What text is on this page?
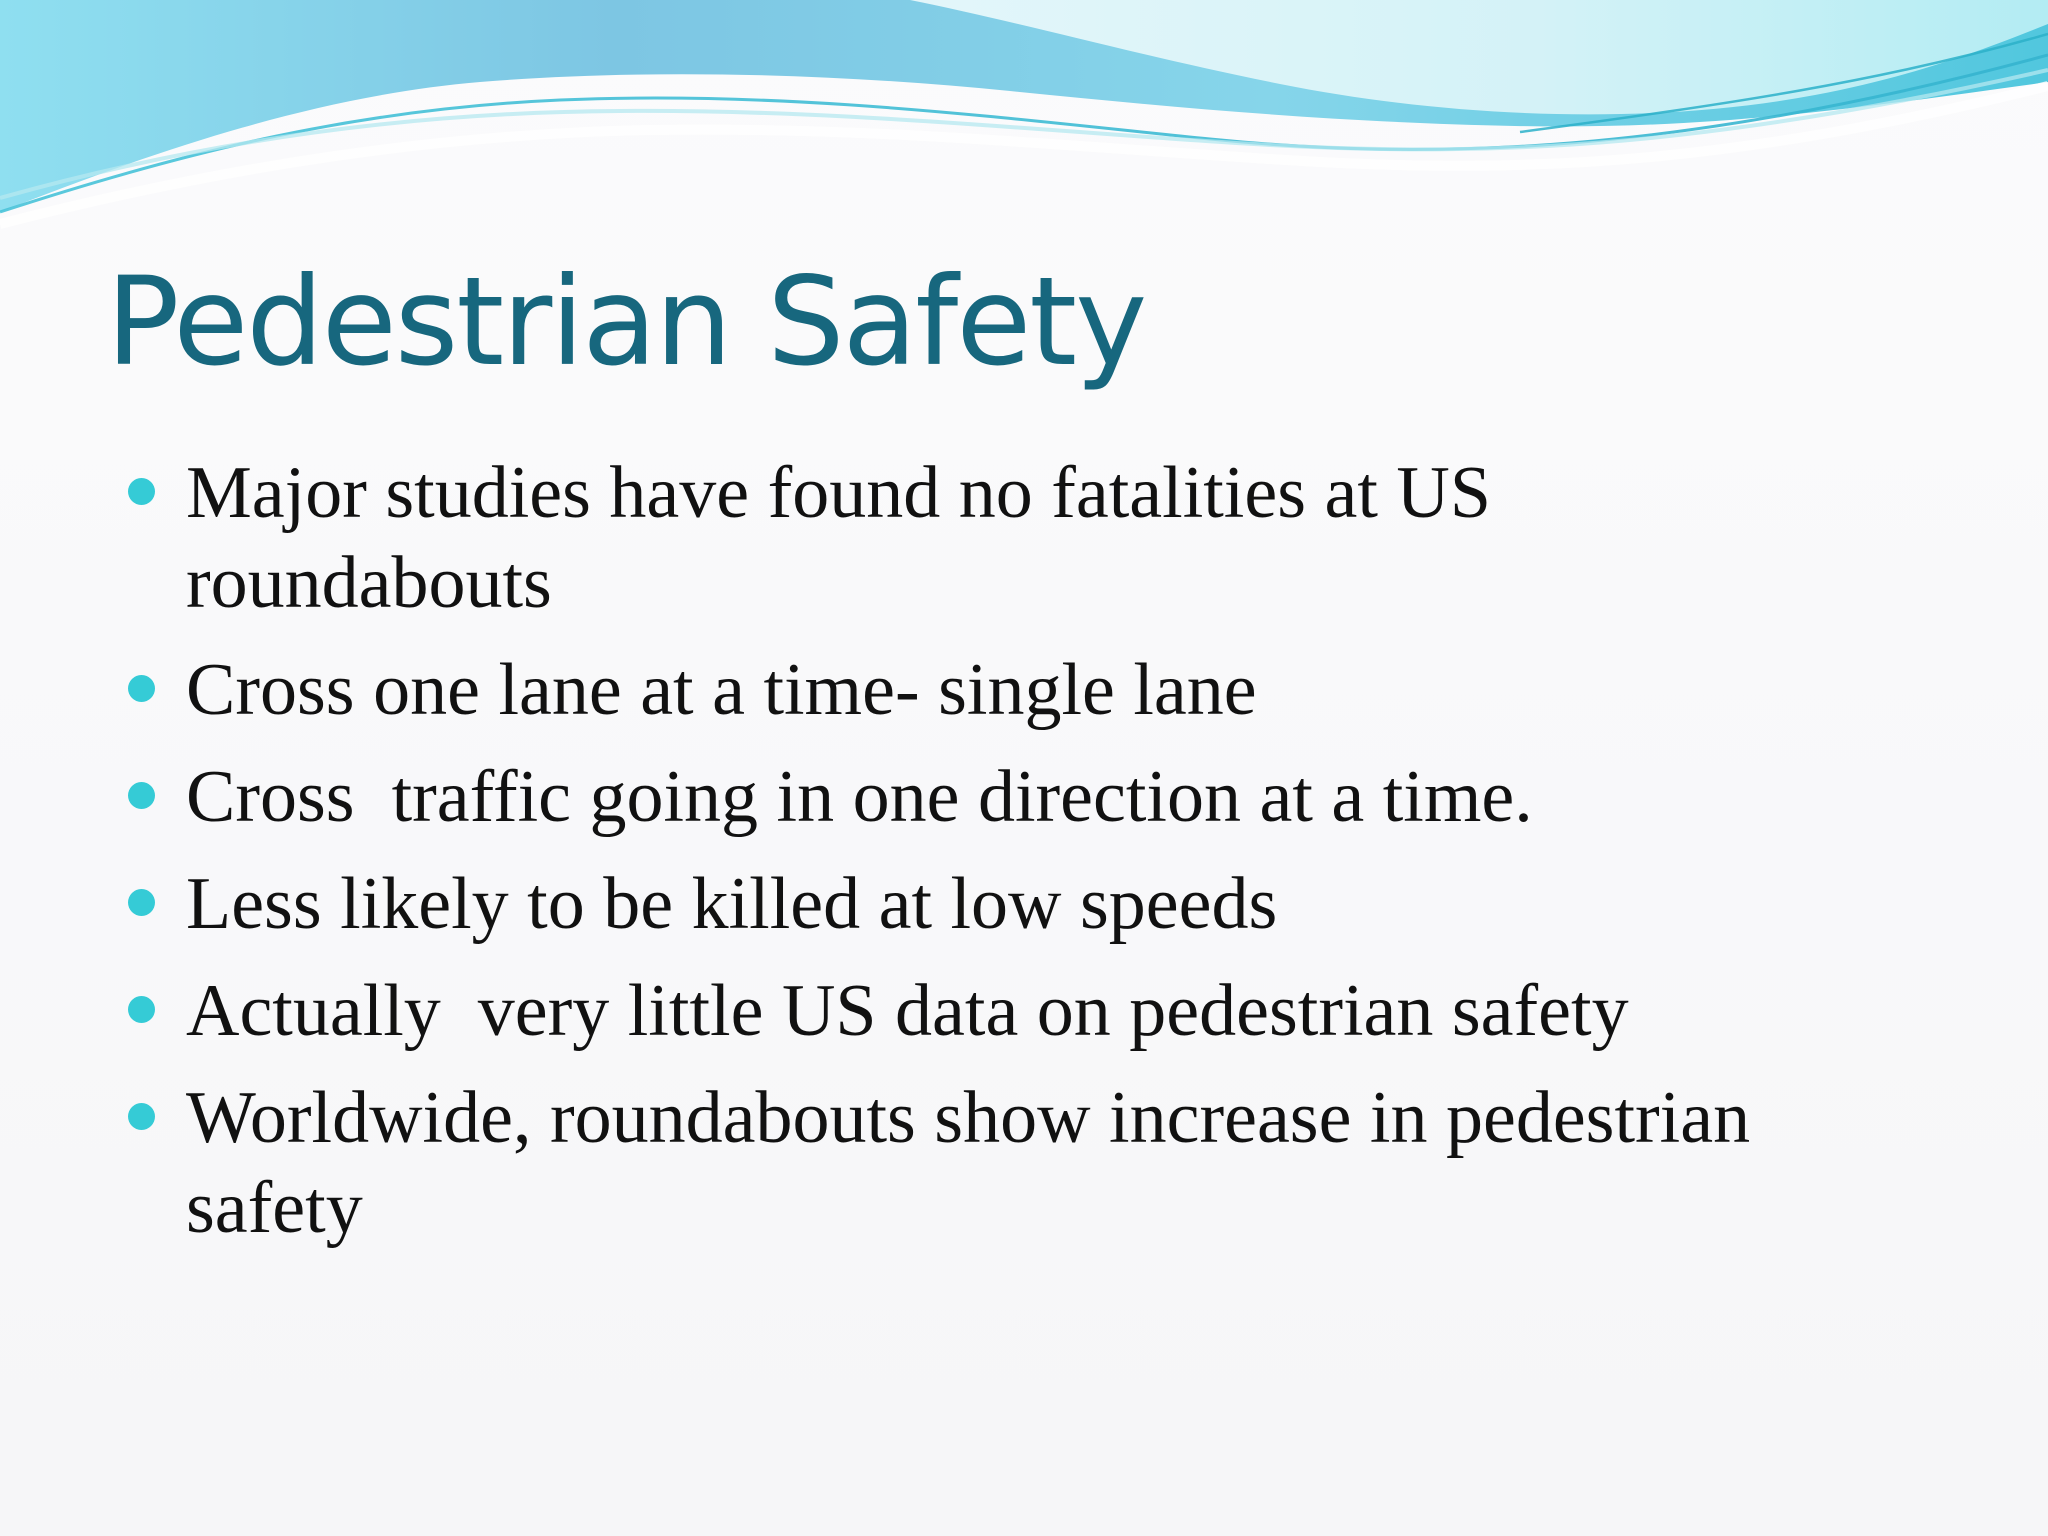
Pedestrian Safety
Major studies have found no fatalities at US
roundabouts
Cross one lane at a time- single lane
Cross  traffic going in one direction at a time.
Less likely to be killed at low speeds
Actually  very little US data on pedestrian safety
Worldwide, roundabouts show increase in pedestrian
safety
